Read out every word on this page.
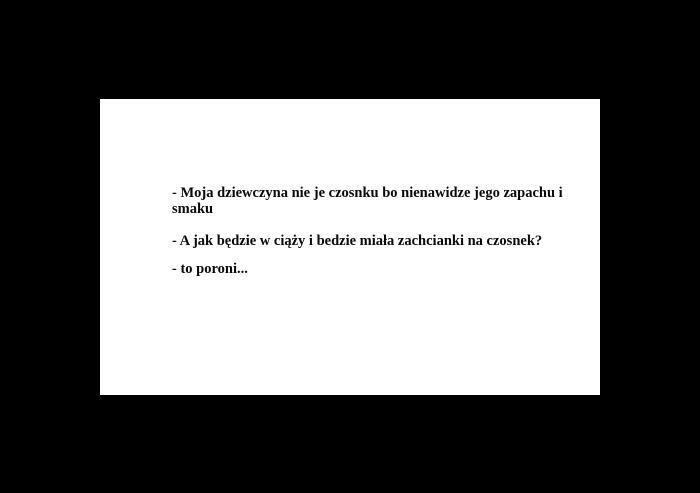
- Moja dziewczyna nie je czosnku bo nienawidze jego zapachu i
smaku
- A jak będzie w ciąży i bedzie miała zachcianki na czosnek?
- to poroni...
